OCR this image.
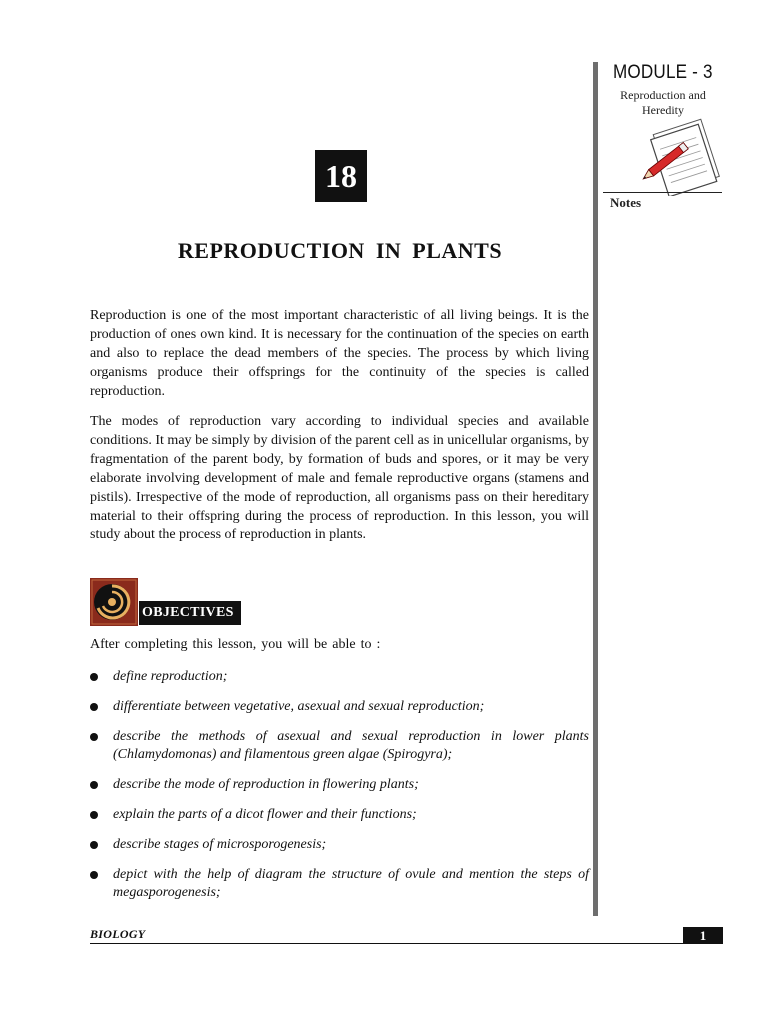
MODULE - 3
Reproduction and
Heredity
Notes
18
REPRODUCTION IN PLANTS

Reproduction is one of the most important characteristic of all living beings. It is the production of ones own kind. It is necessary for the continuation of the species on earth and also to replace the dead members of the species. The process by which living organisms produce their offsprings for the continuity of the species is called reproduction.

The modes of reproduction vary according to individual species and available conditions. It may be simply by division of the parent cell as in unicellular organisms, by fragmentation of the parent body, by formation of buds and spores, or it may be very elaborate involving development of male and female reproductive organs (stamens and pistils). Irrespective of the mode of reproduction, all organisms pass on their hereditary material to their offspring during the process of reproduction. In this lesson, you will study about the process of reproduction in plants.

OBJECTIVES
After completing this lesson, you will be able to :
define reproduction;
differentiate between vegetative, asexual and sexual reproduction;
describe the methods of asexual and sexual reproduction in lower plants (Chlamydomonas) and filamentous green algae (Spirogyra);
describe the mode of reproduction in flowering plants;
explain the parts of a dicot flower and their functions;
describe stages of microsporogenesis;
depict with the help of diagram the structure of ovule and mention the steps of megasporogenesis;
BIOLOGY	1
